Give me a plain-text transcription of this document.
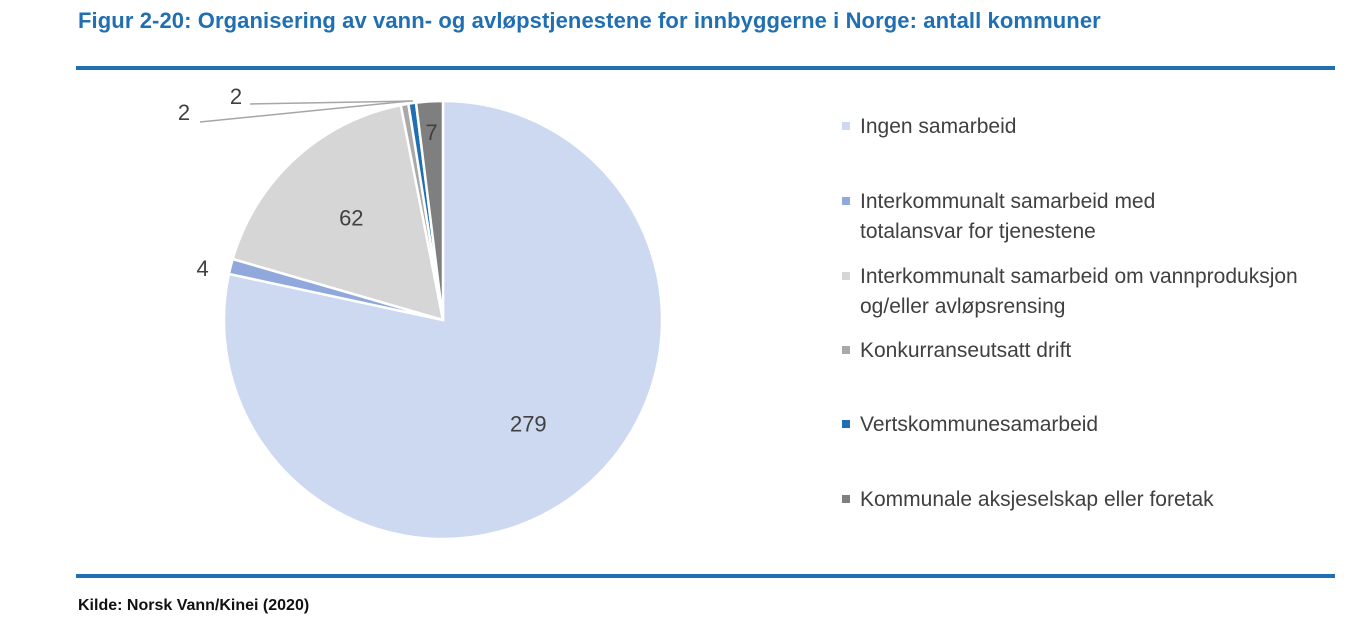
Figur 2-20: Organisering av vann- og avløpstjenestene for innbyggerne i Norge: antall kommuner
279
4
62
2
2
7	Ingen samarbeid
Interkommunalt samarbeid med totalansvar for tjenestene
Interkommunalt samarbeid om vannproduksjon og/eller avløpsrensing
Konkurranseutsatt drift
Vertskommunesamarbeid
Kommunale aksjeselskap eller foretak
Kilde: Norsk Vann/Kinei (2020)
